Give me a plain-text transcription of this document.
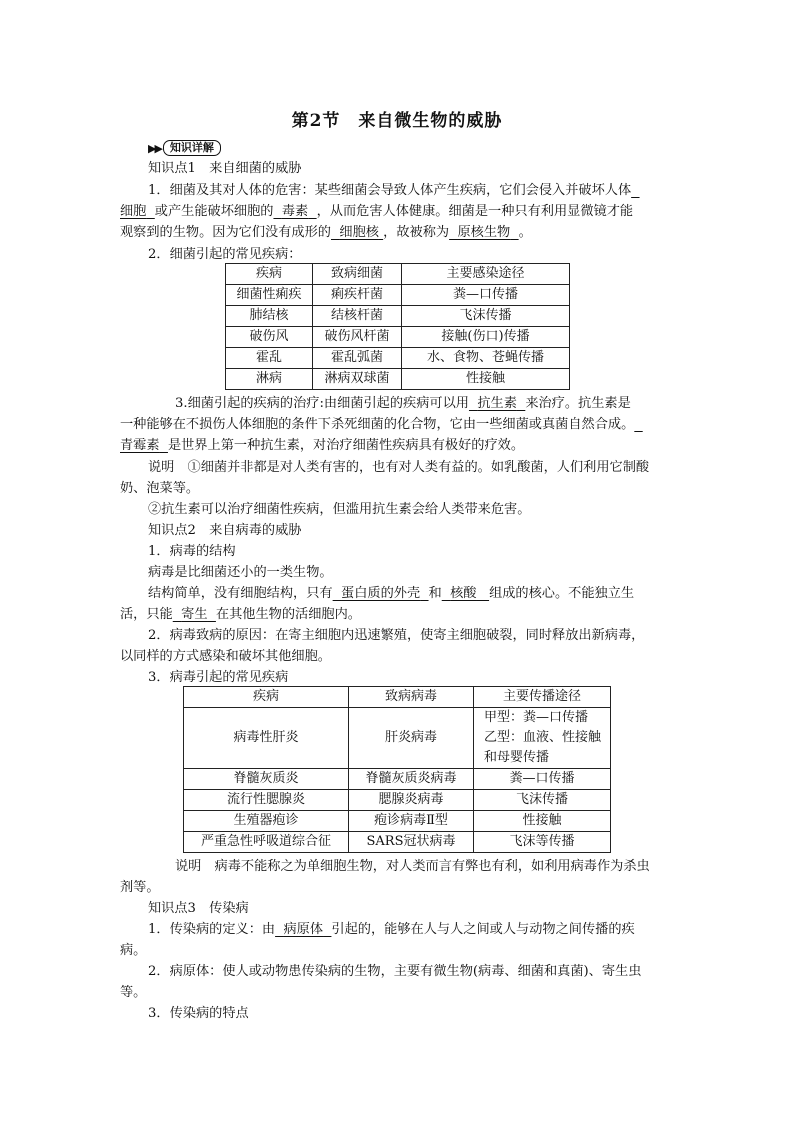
第2节　来自微生物的威胁
▶▶ 知识详解
知识点1　来自细菌的威胁
1．细菌及其对人体的危害：某些细菌会导致人体产生疾病，它们会侵入并破坏人体
细胞 或产生能破坏细胞的 毒素 ，从而危害人体健康。细菌是一种只有利用显微镜才能
观察到的生物。因为它们没有成形的 细胞核 ，故被称为 原核生物 。
2．细菌引起的常见疾病：
疾病	致病细菌	主要感染途径
细菌性痢疾	痢疾杆菌	粪—口传播
肺结核	结核杆菌	飞沫传播
破伤风	破伤风杆菌	接触(伤口)传播
霍乱	霍乱弧菌	水、食物、苍蝇传播
淋病	淋病双球菌	性接触
3.细菌引起的疾病的治疗:由细菌引起的疾病可以用 抗生素 来治疗。抗生素是
一种能够在不损伤人体细胞的条件下杀死细菌的化合物，它由一些细菌或真菌自然合成。
青霉素 是世界上第一种抗生素，对治疗细菌性疾病具有极好的疗效。
说明　①细菌并非都是对人类有害的，也有对人类有益的。如乳酸菌，人们利用它制酸
奶、泡菜等。
②抗生素可以治疗细菌性疾病，但滥用抗生素会给人类带来危害。
知识点2　来自病毒的威胁
1．病毒的结构
病毒是比细菌还小的一类生物。
结构简单，没有细胞结构，只有 蛋白质的外壳 和 核酸 组成的核心。不能独立生
活，只能 寄生 在其他生物的活细胞内。
2．病毒致病的原因：在寄主细胞内迅速繁殖，使寄主细胞破裂，同时释放出新病毒，
以同样的方式感染和破坏其他细胞。
3．病毒引起的常见疾病
疾病	致病病毒	主要传播途径
病毒性肝炎	肝炎病毒	甲型：粪—口传播
乙型：血液、性接触
和母婴传播

脊髓灰质炎	脊髓灰质炎病毒	粪—口传播
流行性腮腺炎	腮腺炎病毒	飞沫传播
生殖器疱诊	疱诊病毒Ⅱ型	性接触
严重急性呼吸道综合征	SARS冠状病毒	飞沫等传播
说明　病毒不能称之为单细胞生物，对人类而言有弊也有利，如利用病毒作为杀虫
剂等。
知识点3　传染病
1．传染病的定义：由 病原体 引起的，能够在人与人之间或人与动物之间传播的疾
病。
2．病原体：使人或动物患传染病的生物，主要有微生物(病毒、细菌和真菌)、寄生虫
等。
3．传染病的特点
